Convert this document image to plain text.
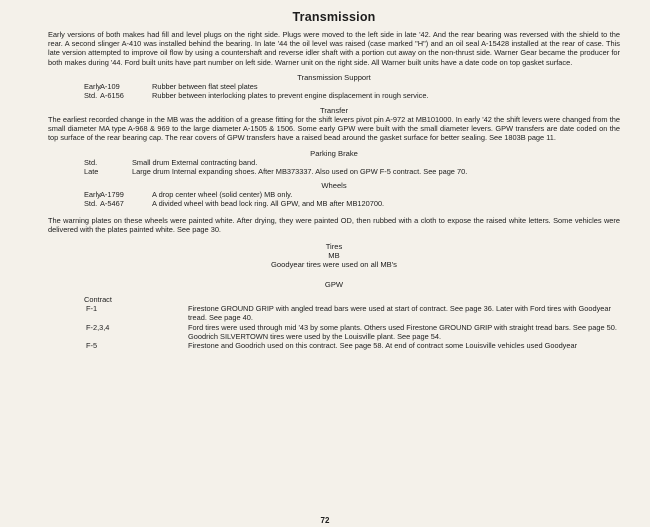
Transmission

Early versions of both makes had fill and level plugs on the right side. Plugs were moved to the left side in late '42. And the rear bearing was reversed with the shield to the rear. A second slinger A-410 was installed behind the bearing. In late '44 the oil level was raised (case marked "H") and an oil seal A-15428 installed at the rear of case. This late version attempted to improve oil flow by using a countershaft and reverse idler shaft with a portion cut away on the non-thrust side. Warner Gear became the producer for both makes during '44. Ford built units have part number on left side. Warner unit on the right side. All Warner built units have a date code on top gasket surface.

Transmission Support
Early A-109	Rubber between flat steel plates
Std. A-6156	Rubber between interlocking plates to prevent engine displacement in rough service.
Transfer

The earliest recorded change in the MB was the addition of a grease fitting for the shift levers pivot pin A-972 at MB101000. In early '42 the shift levers were changed from the small diameter MA type A-968 & 969 to the large diameter A-1505 & 1506. Some early GPW were built with the small diameter levers. GPW transfers are date coded on the top surface of the rear bearing cap. The rear covers of GPW transfers have a raised bead around the gasket surface for better sealing. See 1803B page 11.

Parking Brake
Std.	Small drum External contracting band.
Late	Large drum Internal expanding shoes. After MB373337. Also used on GPW F-5 contract. See page 70.
Wheels
Early A-1799	A drop center wheel (solid center) MB only.
Std. A-5467	A divided wheel with bead lock ring. All GPW, and MB after MB120700.

The warning plates on these wheels were painted white. After drying, they were painted OD, then rubbed with a cloth to expose the raised white letters. Some vehicles were delivered with the plates painted white. See page 30.

Tires
MB
Goodyear tires were used on all MB's
GPW
Contract
F-1	Firestone GROUND GRIP with angled tread bars were used at start of contract. See page 36. Later with Ford tires with Goodyear tread. See page 40.
F-2,3,4	Ford tires were used through mid '43 by some plants. Others used Firestone GROUND GRIP with straight tread bars. See page 50. Goodrich SILVERTOWN tires were used by the Louisville plant. See page 54.
F-5	Firestone and Goodrich used on this contract. See page 58. At end of contract some Louisville vehicles used Goodyear
72
